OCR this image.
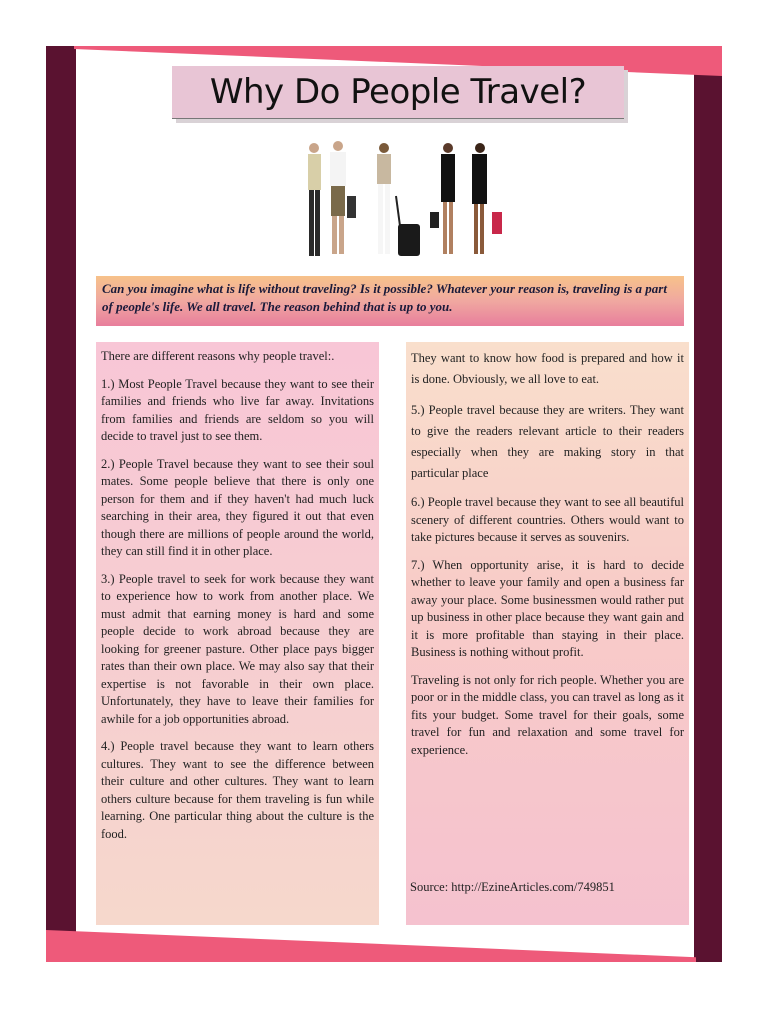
Why Do People Travel?
Can you imagine what is life without traveling? Is it possible? Whatever your reason is, traveling is a part of people's life. We all travel. The reason behind that is up to you.

There are different reasons why people travel:.

1.) Most People Travel because they want to see their families and friends who live far away. Invitations from families and friends are seldom so you will decide to travel just to see them.

2.) People Travel because they want to see their soul mates. Some people believe that there is only one person for them and if they haven't had much luck searching in their area, they figured it out that even though there are millions of people around the world, they can still find it in other place.

3.) People travel to seek for work because they want to experience how to work from another place. We must admit that earning money is hard and some people decide to work abroad because they are looking for greener pasture. Other place pays bigger rates than their own place. We may also say that their expertise is not favorable in their own place. Unfortunately, they have to leave their families for awhile for a job opportunities abroad.

4.) People travel because they want to learn others cultures. They want to see the difference between their culture and other cultures. They want to learn others culture because for them traveling is fun while learning. One particular thing about the culture is the food.

They want to know how food is prepared and how it is done. Obviously, we all love to eat.

5.) People travel because they are writers. They want to give the readers relevant article to their readers especially when they are making story in that particular place

6.) People travel because they want to see all beautiful scenery of different countries. Others would want to take pictures because it serves as souvenirs.

7.) When opportunity arise, it is hard to decide whether to leave your family and open a business far away your place. Some businessmen would rather put up business in other place because they want gain and it is more profitable than staying in their place. Business is nothing without profit.

Traveling is not only for rich people. Whether you are poor or in the middle class, you can travel as long as it fits your budget. Some travel for their goals, some travel for fun and relaxation and some travel for experience.

Source: http://EzineArticles.com/749851
